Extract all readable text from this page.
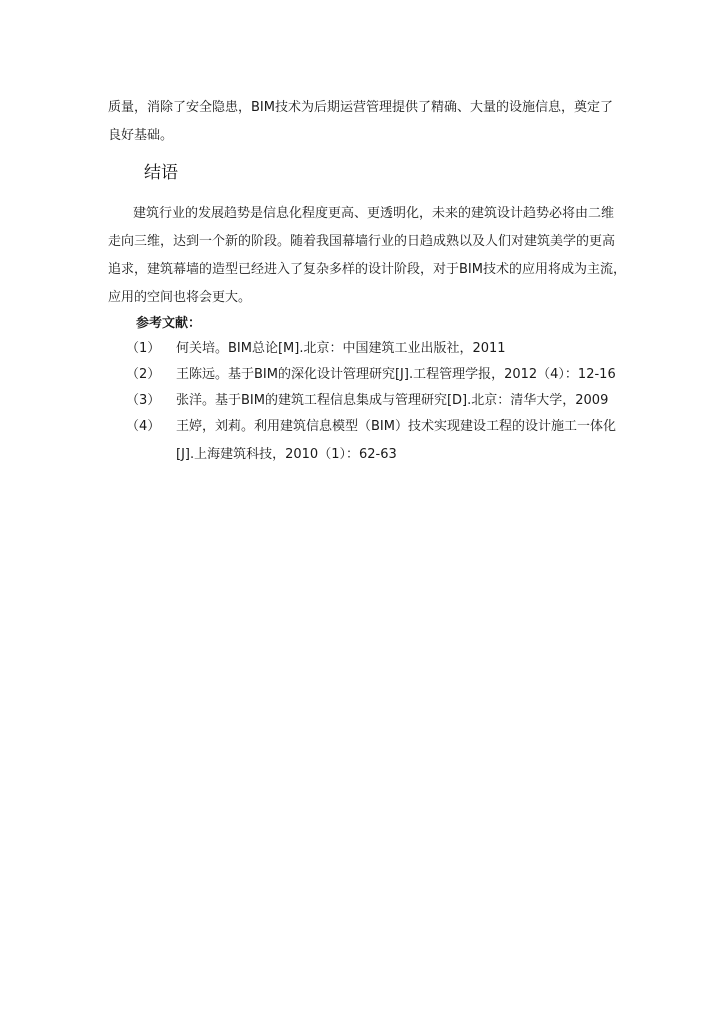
质量，消除了安全隐患，BIM技术为后期运营管理提供了精确、大量的设施信息，奠定了
良好基础。
结语
建筑行业的发展趋势是信息化程度更高、更透明化，未来的建筑设计趋势必将由二维
走向三维，达到一个新的阶段。随着我国幕墙行业的日趋成熟以及人们对建筑美学的更高
追求，建筑幕墙的造型已经进入了复杂多样的设计阶段，对于BIM技术的应用将成为主流，
应用的空间也将会更大。
参考文献：
（1） 何关培。BIM总论[M].北京：中国建筑工业出版社，2011
（2） 王陈远。基于BIM的深化设计管理研究[J].工程管理学报，2012（4）：12-16
（3） 张洋。基于BIM的建筑工程信息集成与管理研究[D].北京：清华大学，2009
（4） 王婷，刘莉。利用建筑信息模型（BIM）技术实现建设工程的设计施工一体化
[J].上海建筑科技，2010（1）：62-63
